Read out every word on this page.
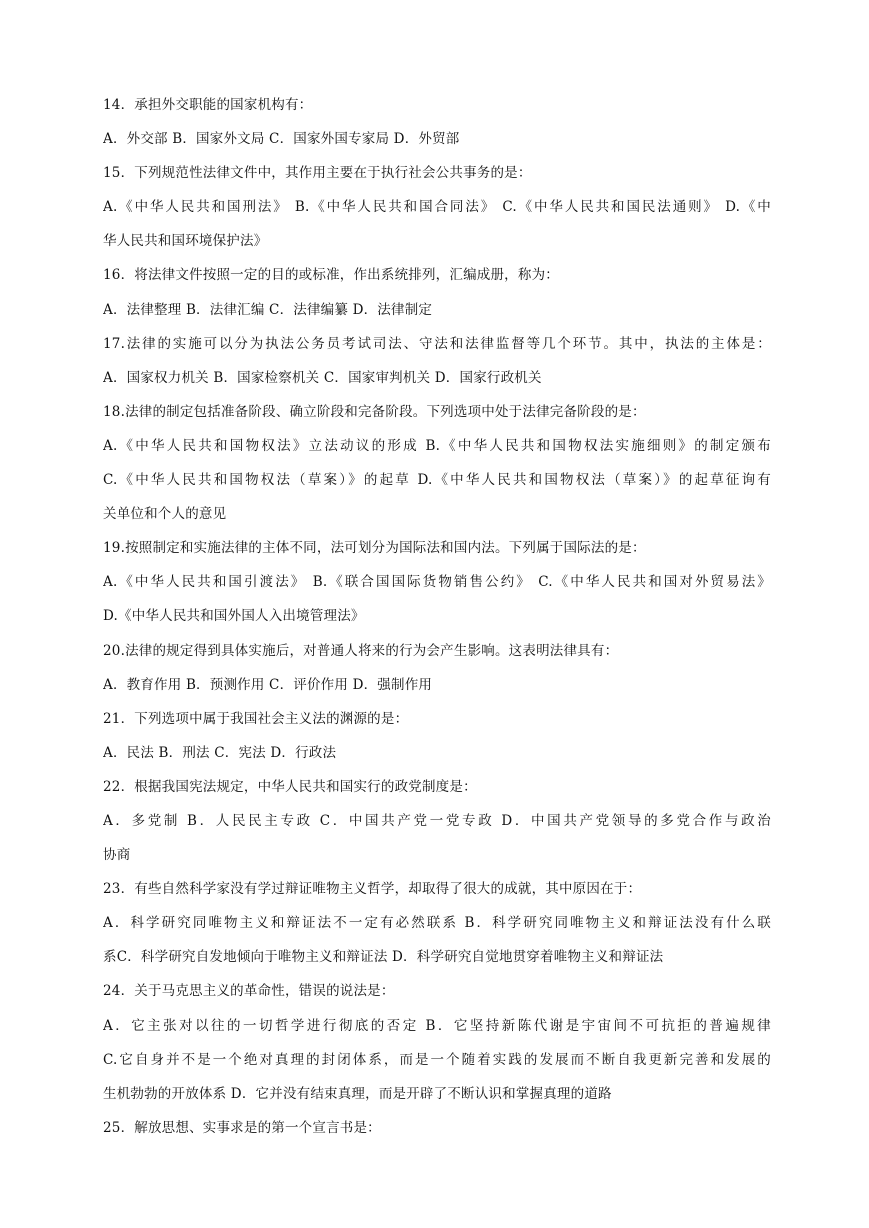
14．承担外交职能的国家机构有：
A．外交部 B．国家外文局 C．国家外国专家局 D．外贸部
15．下列规范性法律文件中，其作用主要在于执行社会公共事务的是：
A.《中华人民共和国刑法》 B.《中华人民共和国合同法》 C.《中华人民共和国民法通则》 D.《中
华人民共和国环境保护法》
16．将法律文件按照一定的目的或标准，作出系统排列，汇编成册，称为：
A．法律整理 B．法律汇编 C．法律编纂 D．法律制定
17.法律的实施可以分为执法公务员考试司法、守法和法律监督等几个环节。其中，执法的主体是：
A．国家权力机关 B．国家检察机关 C．国家审判机关 D．国家行政机关
18.法律的制定包括准备阶段、确立阶段和完备阶段。下列选项中处于法律完备阶段的是：
A.《中华人民共和国物权法》立法动议的形成 B.《中华人民共和国物权法实施细则》的制定颁布
C.《中华人民共和国物权法（草案）》的起草 D.《中华人民共和国物权法（草案）》的起草征询有
关单位和个人的意见
19.按照制定和实施法律的主体不同，法可划分为国际法和国内法。下列属于国际法的是：
A.《中华人民共和国引渡法》 B.《联合国国际货物销售公约》 C.《中华人民共和国对外贸易法》
D.《中华人民共和国外国人入出境管理法》
20.法律的规定得到具体实施后，对普通人将来的行为会产生影响。这表明法律具有：
A．教育作用 B．预测作用 C．评价作用 D．强制作用
21．下列选项中属于我国社会主义法的渊源的是：
A．民法 B．刑法 C．宪法 D．行政法
22．根据我国宪法规定，中华人民共和国实行的政党制度是：
A．多党制 B．人民民主专政 C．中国共产党一党专政 D．中国共产党领导的多党合作与政治
协商
23．有些自然科学家没有学过辩证唯物主义哲学，却取得了很大的成就，其中原因在于：
A．科学研究同唯物主义和辩证法不一定有必然联系 B．科学研究同唯物主义和辩证法没有什么联
系C．科学研究自发地倾向于唯物主义和辩证法 D．科学研究自觉地贯穿着唯物主义和辩证法
24．关于马克思主义的革命性，错误的说法是：
A．它主张对以往的一切哲学进行彻底的否定 B．它坚持新陈代谢是宇宙间不可抗拒的普遍规律
C.它自身并不是一个绝对真理的封闭体系，而是一个随着实践的发展而不断自我更新完善和发展的
生机勃勃的开放体系 D．它并没有结束真理，而是开辟了不断认识和掌握真理的道路
25．解放思想、实事求是的第一个宣言书是：
